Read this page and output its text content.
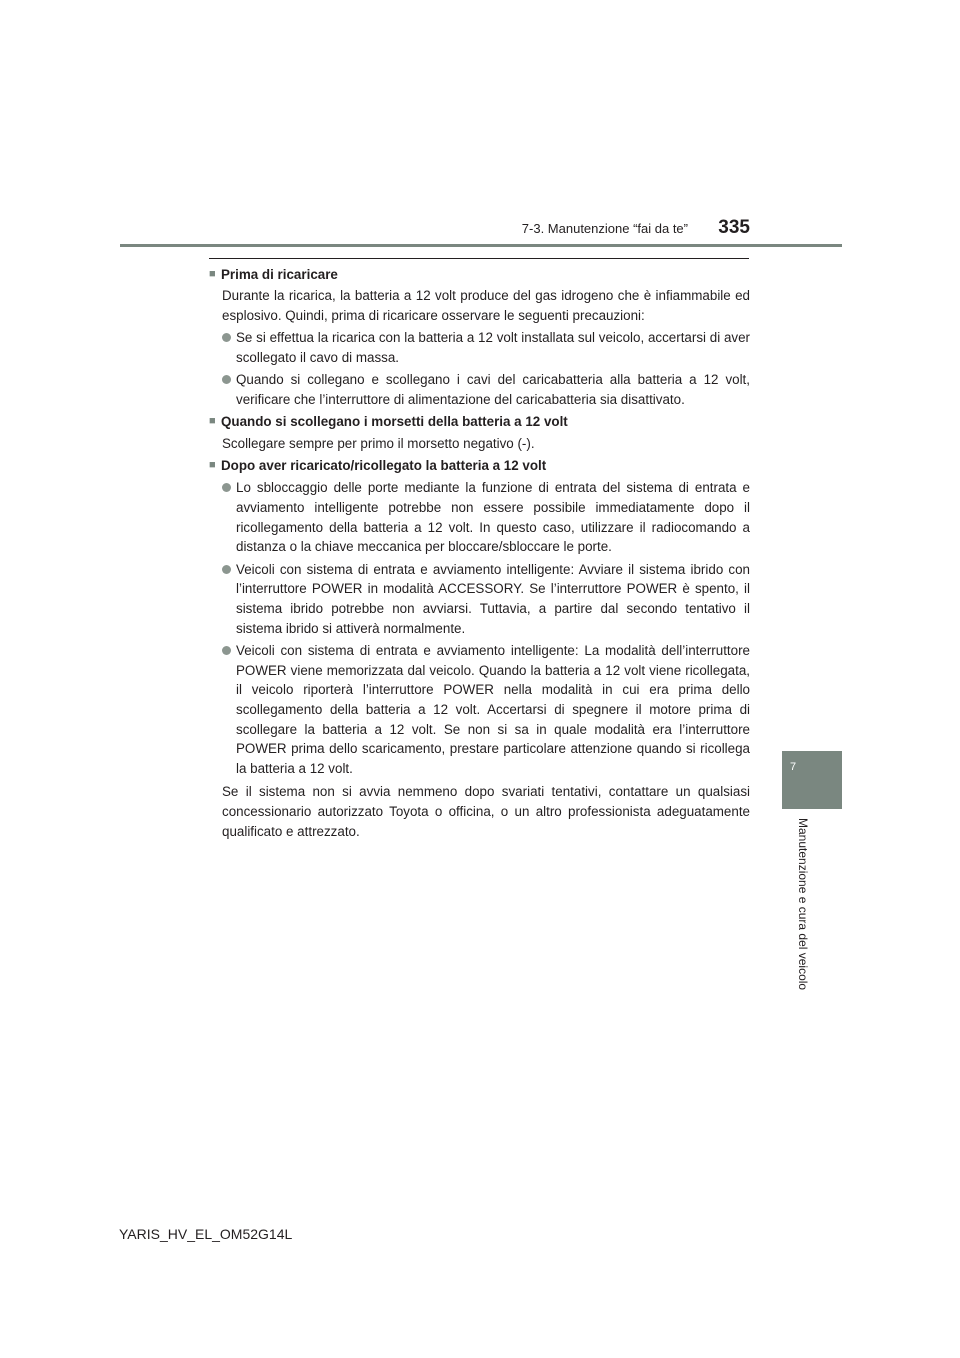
7-3. Manutenzione “fai da te” 335
■ Prima di ricaricare

Durante la ricarica, la batteria a 12 volt produce del gas idrogeno che è infiammabile ed esplosivo. Quindi, prima di ricaricare osservare le seguenti precauzioni:

Se si effettua la ricarica con la batteria a 12 volt installata sul veicolo, accertarsi di aver scollegato il cavo di massa.
Quando si collegano e scollegano i cavi del caricabatteria alla batteria a 12 volt, verificare che l’interruttore di alimentazione del caricabatteria sia disattivato.
■ Quando si scollegano i morsetti della batteria a 12 volt

Scollegare sempre per primo il morsetto negativo (-).

■ Dopo aver ricaricato/ricollegato la batteria a 12 volt
Lo sbloccaggio delle porte mediante la funzione di entrata del sistema di entrata e avviamento intelligente potrebbe non essere possibile immediatamente dopo il ricollegamento della batteria a 12 volt. In questo caso, utilizzare il radiocomando a distanza o la chiave meccanica per bloccare/sbloccare le porte.
Veicoli con sistema di entrata e avviamento intelligente: Avviare il sistema ibrido con l’interruttore POWER in modalità ACCESSORY. Se l’interruttore POWER è spento, il sistema ibrido potrebbe non avviarsi. Tuttavia, a partire dal secondo tentativo il sistema ibrido si attiverà normalmente.
Veicoli con sistema di entrata e avviamento intelligente: La modalità dell’interruttore POWER viene memorizzata dal veicolo. Quando la batteria a 12 volt viene ricollegata, il veicolo riporterà l’interruttore POWER nella modalità in cui era prima dello scollegamento della batteria a 12 volt. Accertarsi di spegnere il motore prima di scollegare la batteria a 12 volt. Se non si sa in quale modalità era l’interruttore POWER prima dello scaricamento, prestare particolare attenzione quando si ricollega la batteria a 12 volt.

Se il sistema non si avvia nemmeno dopo svariati tentativi, contattare un qualsiasi concessionario autorizzato Toyota o officina, o un altro professionista adeguatamente qualificato e attrezzato.

7
Manutenzione e cura del veicolo
YARIS_HV_EL_OM52G14L
